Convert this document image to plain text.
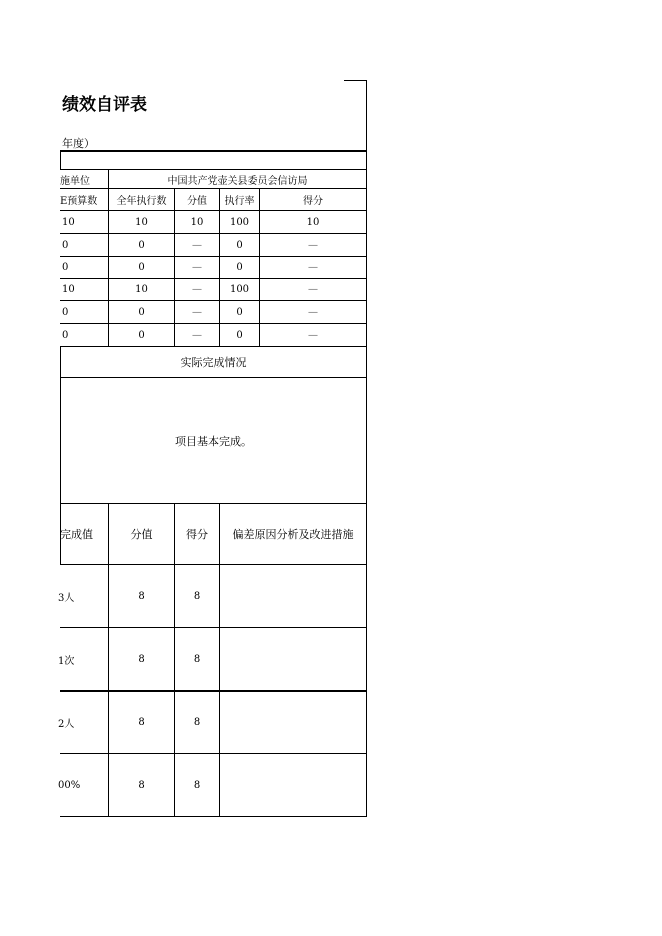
绩效自评表
年度）
施单位	中国共产党壶关县委员会信访局
E预算数	全年执行数	分值	执行率	得分
10	10	10	100	10
0	0	—	0	—
0	0	—	0	—
10	10	—	100	—
0	0	—	0	—
0	0	—	0	—
实际完成情况
项目基本完成。
完成值	分值	得分	偏差原因分析及改进措施
3人	8	8
1次	8	8
2人	8	8
00%	8	8
